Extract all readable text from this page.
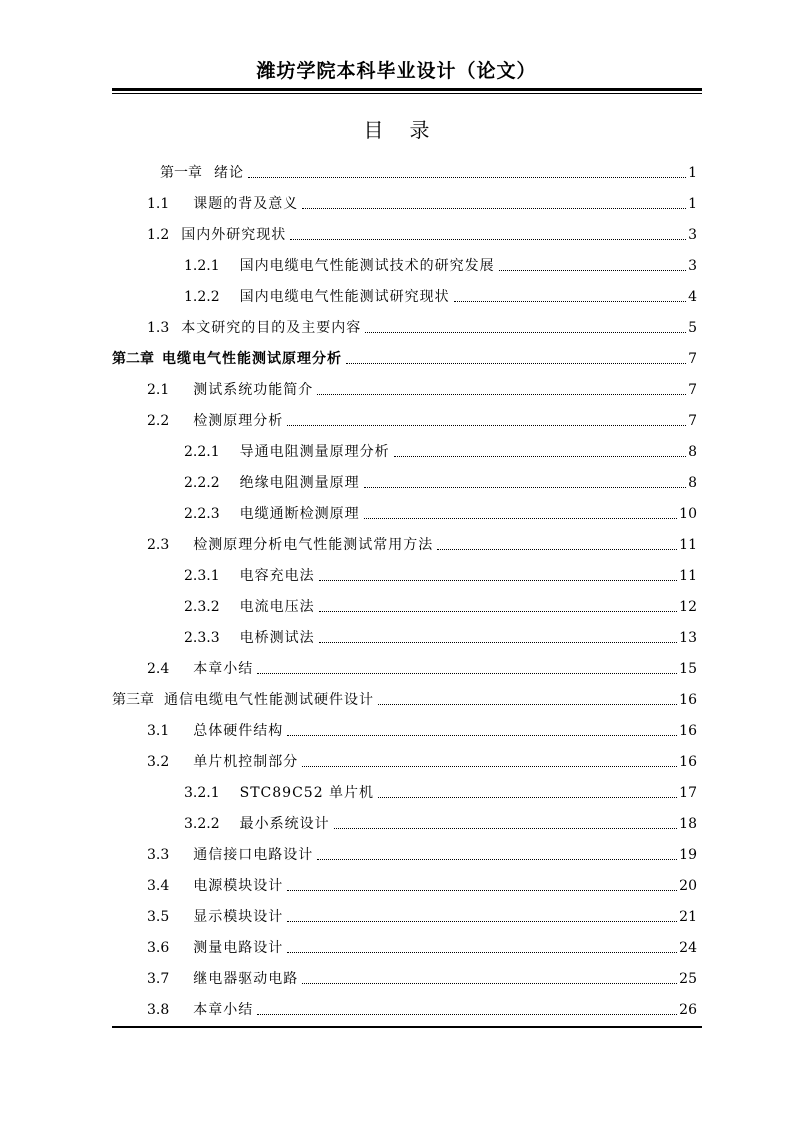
潍坊学院本科毕业设计（论文）
目 录
第一章 绪论	1
1.1 课题的背及意义	1
1.2 国内外研究现状	3
1.2.1 国内电缆电气性能测试技术的研究发展	3
1.2.2 国内电缆电气性能测试研究现状	4
1.3 本文研究的目的及主要内容	5
第二章 电缆电气性能测试原理分析	7
2.1 测试系统功能简介	7
2.2 检测原理分析	7
2.2.1 导通电阻测量原理分析	8
2.2.2 绝缘电阻测量原理	8
2.2.3 电缆通断检测原理	10
2.3 检测原理分析电气性能测试常用方法	11
2.3.1 电容充电法	11
2.3.2 电流电压法	12
2.3.3 电桥测试法	13
2.4 本章小结	15
第三章 通信电缆电气性能测试硬件设计	16
3.1 总体硬件结构	16
3.2 单片机控制部分	16
3.2.1 STC89C52 单片机	17
3.2.2 最小系统设计	18
3.3 通信接口电路设计	19
3.4 电源模块设计	20
3.5 显示模块设计	21
3.6 测量电路设计	24
3.7 继电器驱动电路	25
3.8 本章小结	26
